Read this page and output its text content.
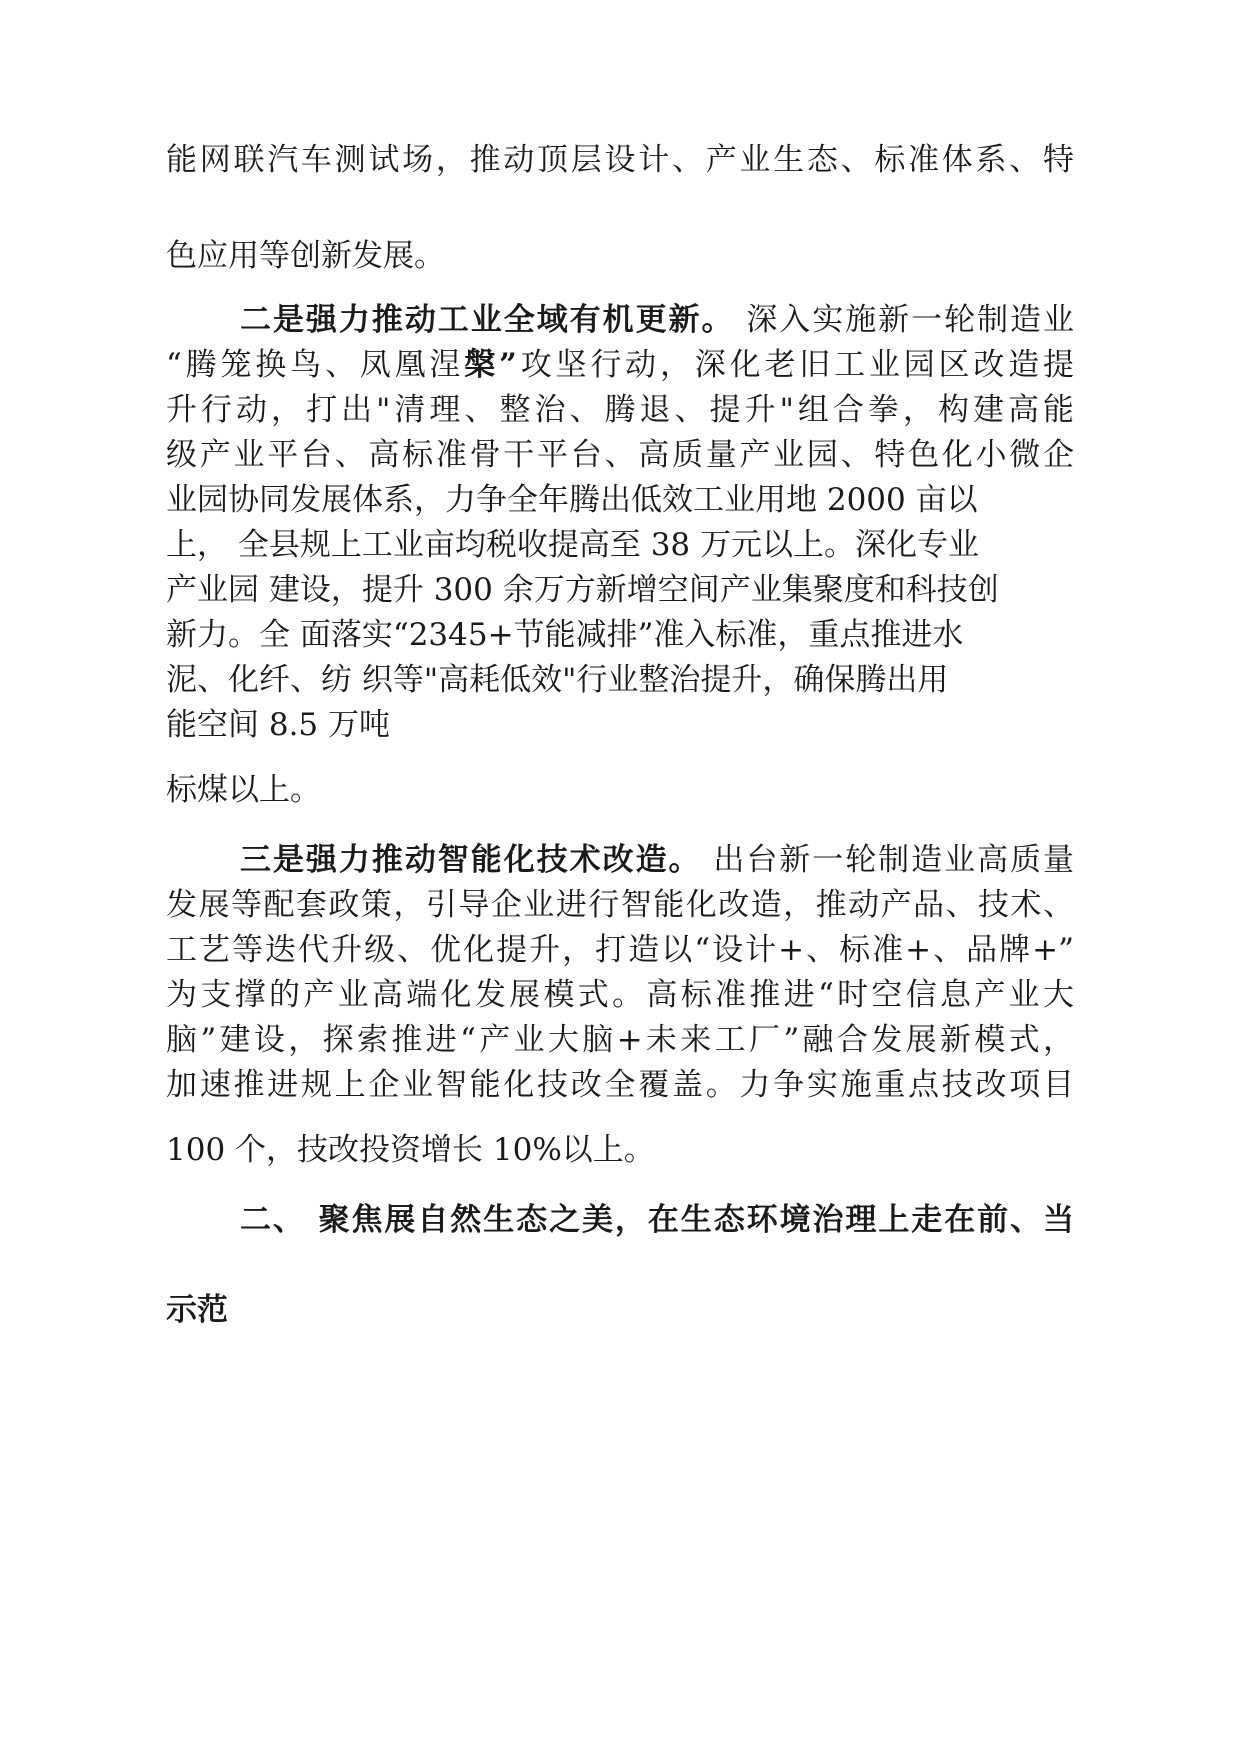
能网联汽车测试场，推动顶层设计、产业生态、标准体系、特

色应用等创新发展。

二是强力推动工业全域有机更新。 深入实施新一轮制造业

“腾笼换鸟、凤凰涅槃”攻坚行动，深化老旧工业园区改造提

升行动，打出"清理、整治、腾退、提升"组合拳，构建高能

级产业平台、高标准骨干平台、高质量产业园、特色化小微企

业园协同发展体系，力争全年腾出低效工业用地 2000 亩以

上， 全县规上工业亩均税收提高至 38 万元以上。深化专业

产业园 建设，提升 300 余万方新增空间产业集聚度和科技创

新力。全 面落实“2345+节能减排”准入标准，重点推进水

泥、化纤、纺 织等"高耗低效"行业整治提升，确保腾出用

能空间 8.5 万吨

标煤以上。

三是强力推动智能化技术改造。 出台新一轮制造业高质量

发展等配套政策，引导企业进行智能化改造，推动产品、技术、

工艺等迭代升级、优化提升，打造以“设计+、标准+、品牌+”

为支撑的产业高端化发展模式。高标准推进“时空信息产业大

脑”建设，探索推进“产业大脑+未来工厂”融合发展新模式，

加速推进规上企业智能化技改全覆盖。力争实施重点技改项目

100 个，技改投资增长 10%以上。

二、 聚焦展自然生态之美，在生态环境治理上走在前、当

示范
